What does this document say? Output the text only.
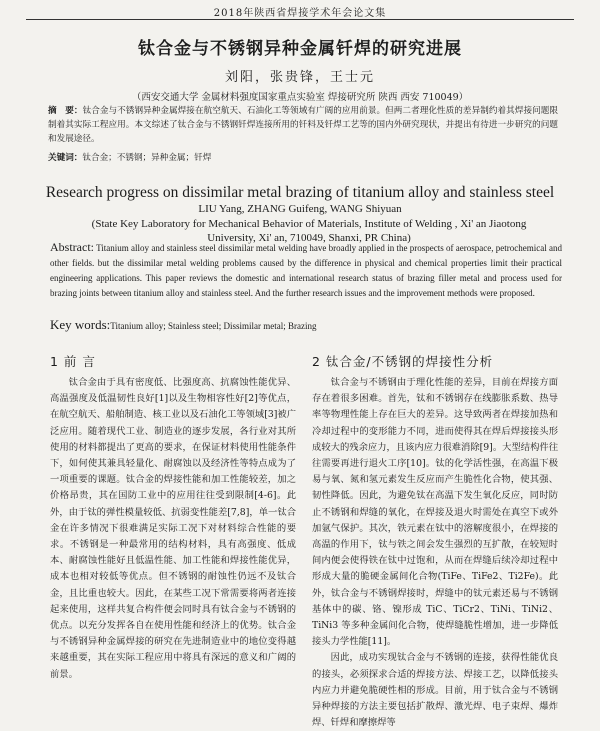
2018年陕西省焊接学术年会论文集
钛合金与不锈钢异种金属钎焊的研究进展
刘阳，张贵锋，王士元
（西安交通大学 金属材料强度国家重点实验室 焊接研究所 陕西 西安 710049）
摘　要：钛合金与不锈钢异种金属焊接在航空航天、石油化工等领域有广阔的应用前景。但两二者理化性质的差异制约着其焊接问题限制着其实际工程应用。本文综述了钛合金与不锈钢钎焊连接所用的钎料及钎焊工艺等的国内外研究现状，并提出有待进一步研究的问题和发展途径。
关键词：钛合金；不锈钢；异种金属；钎焊
Research progress on dissimilar metal brazing of titanium alloy and stainless steel
LIU Yang, ZHANG Guifeng, WANG Shiyuan
(State Key Laboratory for Mechanical Behavior of Materials, Institute of Welding , Xi' an Jiaotong University, Xi' an, 710049, Shanxi, PR China)
Abstract: Titanium alloy and stainless steel dissimilar metal welding have broadly applied in the prospects of aerospace, petrochemical and other fields. but the dissimilar metal welding problems caused by the difference in physical and chemical properties limit their practical engineering applications. This paper reviews the domestic and international research status of brazing filler metal and process used for brazing joints between titanium alloy and stainless steel. And the further research issues and the improvement methods were proposed.
Key words:Titanium alloy; Stainless steel; Dissimilar metal; Brazing
1 前 言	2 钛合金/不锈钢的焊接性分析

钛合金由于具有密度低、比强度高、抗腐蚀性能优异、高温强度及低温韧性良好[1]以及生物相容性好[2]等优点，在航空航天、船舶制造、核工业以及石油化工等领域[3]被广泛应用。随着现代工业、制造业的逐步发展，各行业对其所使用的材料都提出了更高的要求，在保证材料使用性能条件下，如何使其兼具轻量化、耐腐蚀以及经济性等特点成为了一项重要的课题。钛合金的焊接性能和加工性能较差，加之价格昂贵，其在国防工业中的应用往往受到限制[4-6]。此外，由于钛的弹性模量较低、抗弱变性能差[7,8]，单一钛合金在许多情况下很难满足实际工况下对材料综合性能的要求。不锈钢是一种最常用的结构材料，具有高强度、低成本、耐腐蚀性能好且低温性能、加工性能和焊接性能优异，成本也相对较低等优点。但不锈钢的耐蚀性仍远不及钛合金，且比重也较大。因此，在某些工况下常需要将两者连接起来使用，这样共复合构件便会同时具有钛合金与不锈钢的优点。以充分发挥各自在使用性能和经济上的优势。钛合金与不锈钢异种金属焊接的研究在先进制造业中的地位变得越来越重要，其在实际工程应用中将具有深远的意义和广阔的前景。

钛合金与不锈钢由于理化性能的差异，目前在焊接方面存在着很多困难。首先，钛和不锈钢存在线膨胀系数、热导率等物理性能上存在巨大的差异。这导致两者在焊接加热和冷却过程中的变形能力不同，进而使得其在焊后焊接接头形成较大的残余应力，且该内应力很难消除[9]。大型结构件往往需要再进行退火工序[10]。钛的化学活性强，在高温下极易与氧、氮和氢元素发生反应而产生脆性化合物，使其强、韧性降低。因此，为避免钛在高温下发生氧化反应，同时防止不锈钢和焊缝的氧化，在焊接及退火时需处在真空下或外加氩气保护。其次，铁元素在钛中的溶解度很小，在焊接的高温的作用下，钛与铁之间会发生强烈的互扩散，在较短时间内便会使得铁在钛中过饱和，从而在焊缝后续冷却过程中形成大量的脆硬金属间化合物(TiFe、TiFe2、Ti2Fe)。此外，钛合金与不锈钢焊接时，焊缝中的钛元素还易与不锈钢基体中的碳、铬、镍形成 TiC、TiCr2、TiNi、TiNi2、TiNi3 等多种金属间化合物，使焊缝脆性增加，进一步降低接头力学性能[11]。

因此，成功实现钛合金与不锈钢的连接，获得性能优良的接头，必须探求合适的焊接方法、焊接工艺，以降低接头内应力并避免脆硬性相的形成。目前，用于钛合金与不锈钢异种焊接的方法主要包括扩散焊、激光焊、电子束焊、爆炸焊、钎焊和摩擦焊等
